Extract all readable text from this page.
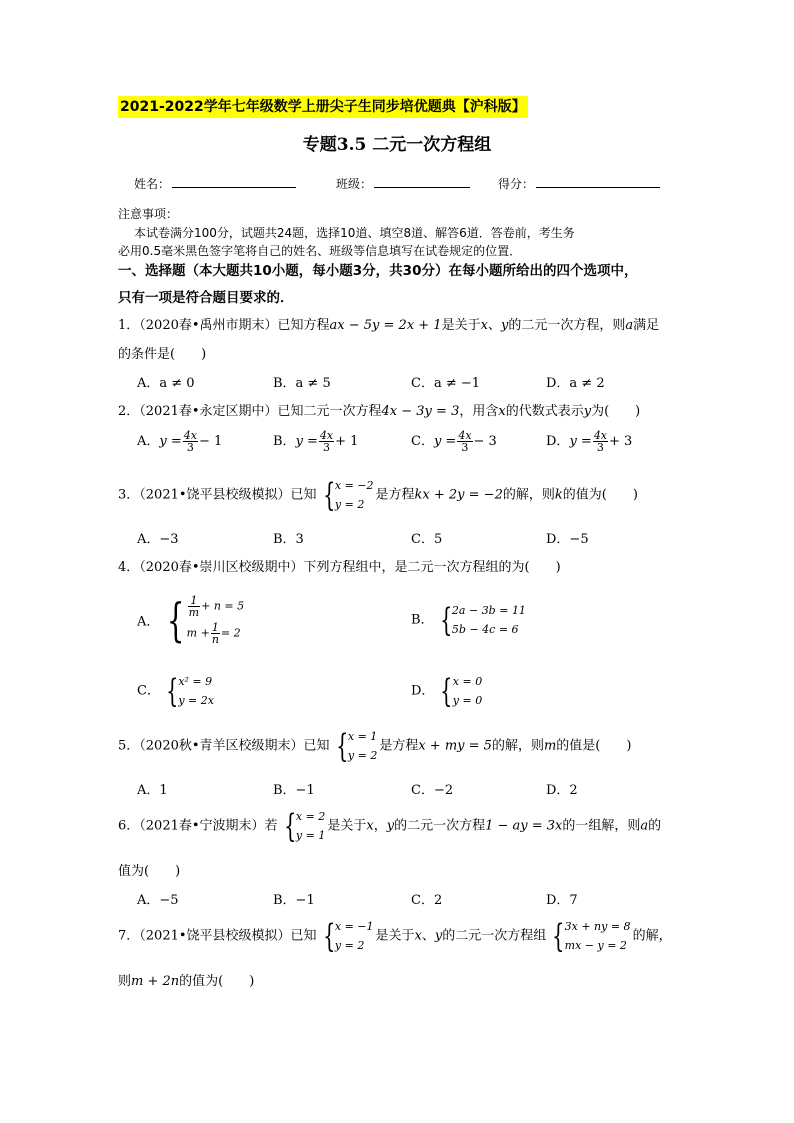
2021-2022学年七年级数学上册尖子生同步培优题典【沪科版】
专题3.5 二元一次方程组
姓名：	班级：	得分：
注意事项：
本试卷满分100分，试题共24题，选择10道、填空8道、解答6道．答卷前，考生务
必用0.5毫米黑色签字笔将自己的姓名、班级等信息填写在试卷规定的位置．
一、选择题（本大题共10小题，每小题3分，共30分）在每小题所给出的四个选项中，
只有一项是符合题目要求的．
1．（2020春•禹州市期末）已知方程ax − 5y = 2x + 1是关于x、y的二元一次方程，则a满足
的条件是(　　)
A．a ≠ 0	B．a ≠ 5	C．a ≠ −1	D．a ≠ 2
2．（2021春•永定区期中）已知二元一次方程4x − 3y = 3，用含x的代数式表示y为(　　)
A．$y = \frac{4x}{3} - 1$	B．$y = \frac{4x}{3} + 1$	C．$y = \frac{4x}{3} - 3$	D．$y = \frac{4x}{3} + 3$
3．（2021•饶平县校级模拟）已知 { x = −2
y = 2
是方程kx + 2y = −2的解，则k的值为(　　)
A．−3	B．3	C．5	D．−5
4．（2020春•崇川区校级期中）下列方程组中，是二元一次方程组的为(　　)
A． { $\frac{1}{m} + n = 5$
$m + \frac{1}{n} = 2$
B． { 2a − 3b = 11
5b − 4c = 6
C． { x² = 9
y = 2x
D． { x = 0
y = 0
5．（2020秋•青羊区校级期末）已知 { x = 1
y = 2
是方程x + my = 5的解，则m的值是(　　)
A．1	B．−1	C．−2	D．2
6．（2021春•宁波期末）若 { x = 2
y = 1
是关于x，y的二元一次方程1 − ay = 3x的一组解，则a的
值为(　　)
A．−5	B．−1	C．2	D．7
7．（2021•饶平县校级模拟）已知 { x = −1
y = 2
是关于x、y的二元一次方程组 { 3x + ny = 8
mx − y = 2
的解，
则m + 2n的值为(　　)
